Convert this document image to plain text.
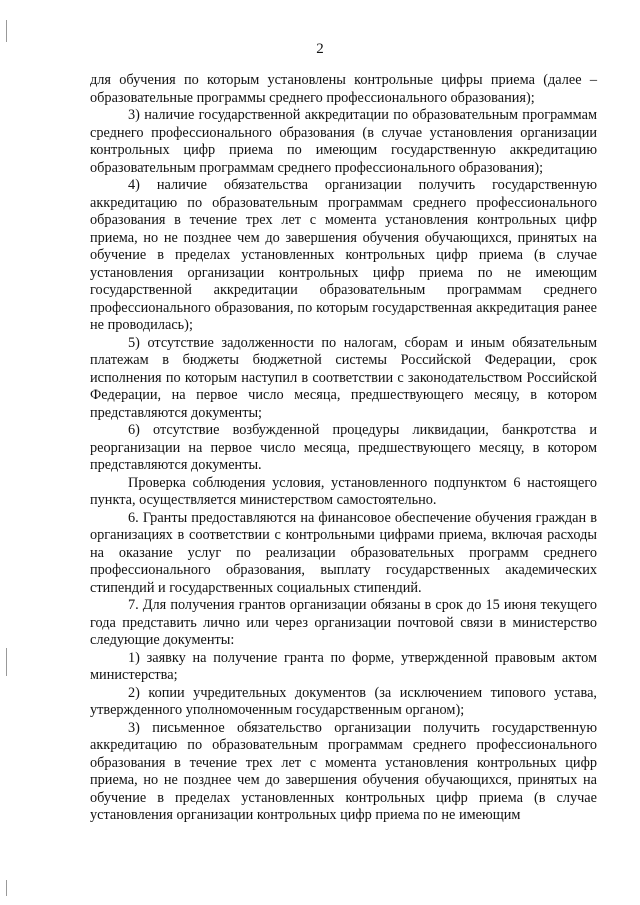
2

для обучения по которым установлены контрольные цифры приема (далее – образовательные программы среднего профессионального образования);

3) наличие государственной аккредитации по образовательным программам среднего профессионального образования (в случае установления организации контрольных цифр приема по имеющим государственную аккредитацию образовательным программам среднего профессионального образования);

4) наличие обязательства организации получить государственную аккредитацию по образовательным программам среднего профессионального образования в течение трех лет с момента установления контрольных цифр приема, но не позднее чем до завершения обучения обучающихся, принятых на обучение в пределах установленных контрольных цифр приема (в случае установления организации контрольных цифр приема по не имеющим государственной аккредитации образовательным программам среднего профессионального образования, по которым государственная аккредитация ранее не проводилась);

5) отсутствие задолженности по налогам, сборам и иным обязательным платежам в бюджеты бюджетной системы Российской Федерации, срок исполнения по которым наступил в соответствии с законодательством Российской Федерации, на первое число месяца, предшествующего месяцу, в котором представляются документы;

6) отсутствие возбужденной процедуры ликвидации, банкротства и реорганизации на первое число месяца, предшествующего месяцу, в котором представляются документы.

Проверка соблюдения условия, установленного подпунктом 6 настоящего пункта, осуществляется министерством самостоятельно.

6. Гранты предоставляются на финансовое обеспечение обучения граждан в организациях в соответствии с контрольными цифрами приема, включая расходы на оказание услуг по реализации образовательных программ среднего профессионального образования, выплату государственных академических стипендий и государственных социальных стипендий.

7. Для получения грантов организации обязаны в срок до 15 июня текущего года представить лично или через организации почтовой связи в министерство следующие документы:

1) заявку на получение гранта по форме, утвержденной правовым актом министерства;

2) копии учредительных документов (за исключением типового устава, утвержденного уполномоченным государственным органом);

3) письменное обязательство организации получить государственную аккредитацию по образовательным программам среднего профессионального образования в течение трех лет с момента установления контрольных цифр приема, но не позднее чем до завершения обучения обучающихся, принятых на обучение в пределах установленных контрольных цифр приема (в случае установления организации контрольных цифр приема по не имеющим
